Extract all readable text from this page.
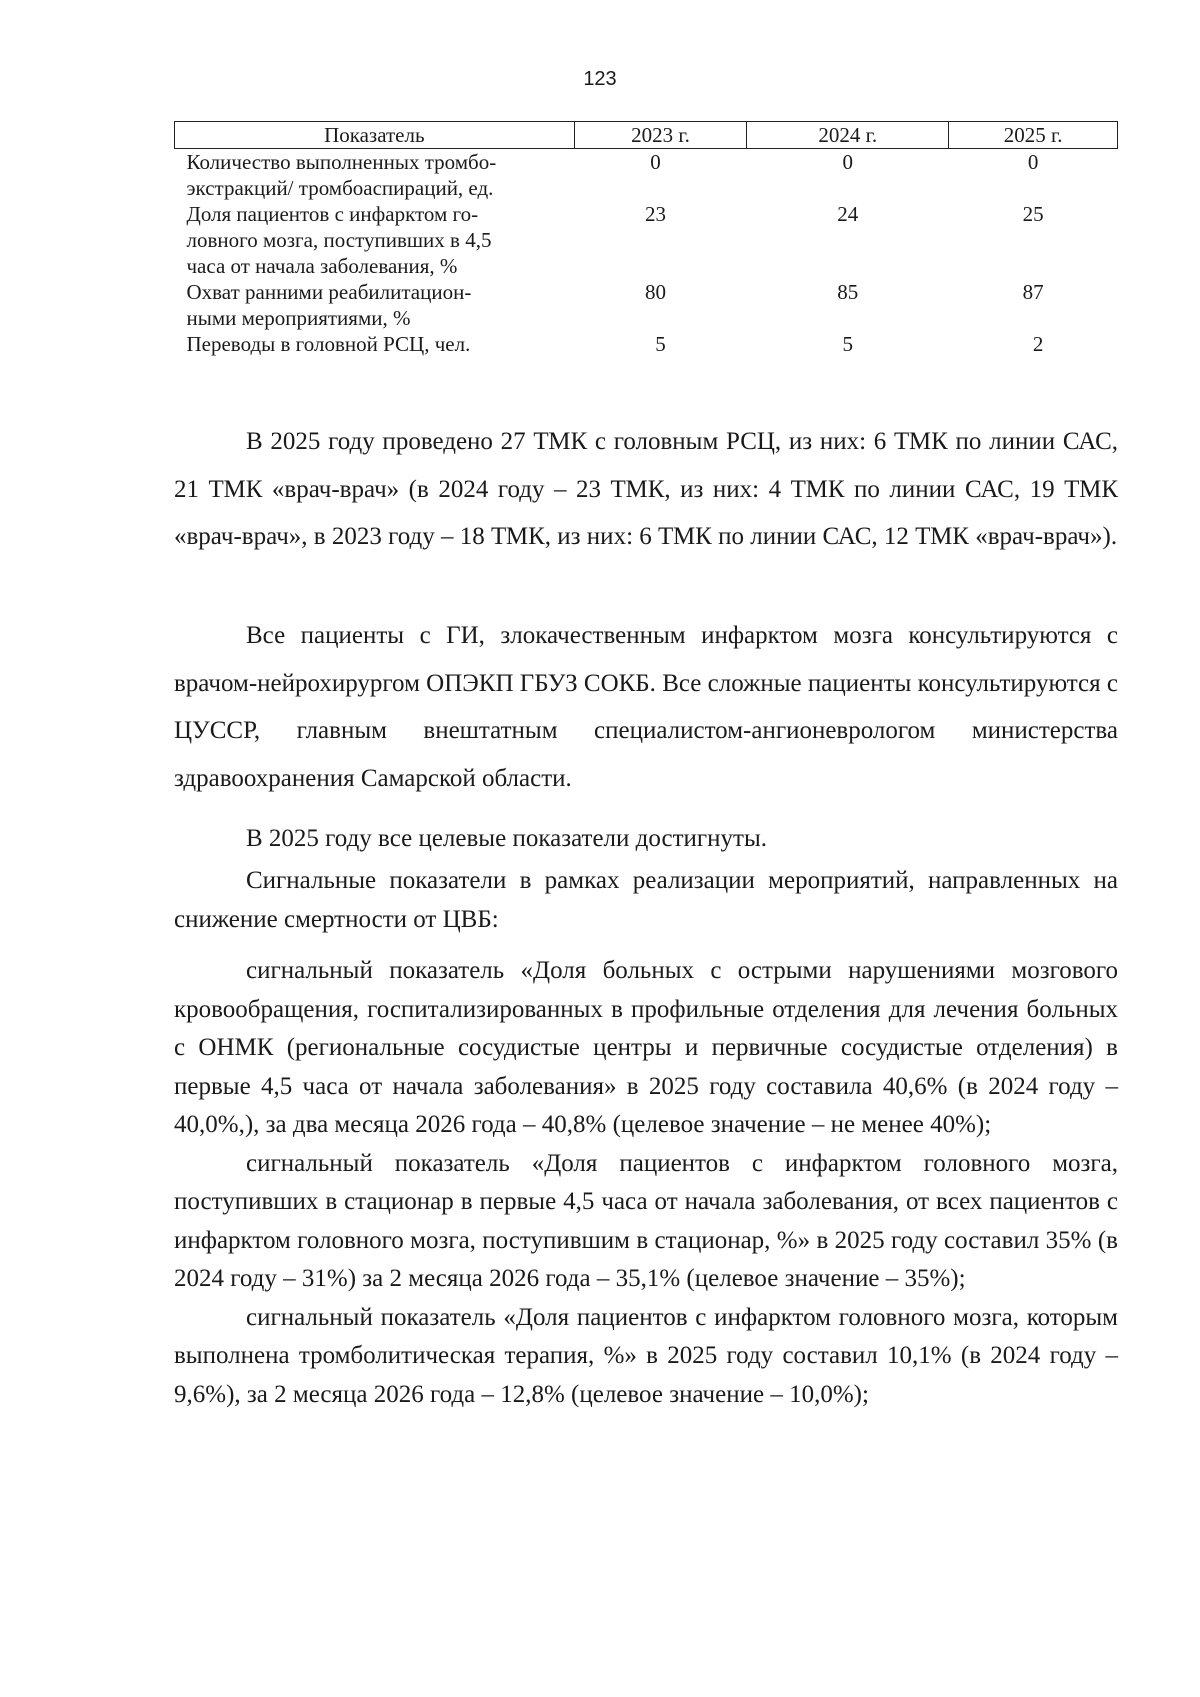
123
Показатель	2023 г.	2024 г.	2025 г.
Количество выполненных тромбо-
экстракций/ тромбоаспираций, ед.	0	0	0
Доля пациентов с инфарктом го-
ловного мозга, поступивших в 4,5
часа от начала заболевания, %	23	24	25
Охват ранними реабилитацион-
ными мероприятиями, %	80	85	87
Переводы в головной РСЦ, чел.	5	5	2

В 2025 году проведено 27 ТМК с головным РСЦ, из них: 6 ТМК по линии САС, 21 ТМК «врач-врач» (в 2024 году – 23 ТМК, из них: 4 ТМК по линии САС, 19 ТМК «врач-врач», в 2023 году – 18 ТМК, из них: 6 ТМК по линии САС, 12 ТМК «врач-врач»).

Все пациенты с ГИ, злокачественным инфарктом мозга консультируются с врачом-нейрохирургом ОПЭКП ГБУЗ СОКБ. Все сложные пациенты консультируются с ЦУССР, главным внештатным специалистом-ангионеврологом министерства здравоохранения Самарской области.

В 2025 году все целевые показатели достигнуты.

Сигнальные показатели в рамках реализации мероприятий, направленных на снижение смертности от ЦВБ:

сигнальный показатель «Доля больных с острыми нарушениями мозгового кровообращения, госпитализированных в профильные отделения для лечения больных с ОНМК (региональные сосудистые центры и первичные сосудистые отделения) в первые 4,5 часа от начала заболевания» в 2025 году составила 40,6% (в 2024 году – 40,0%,), за два месяца 2026 года – 40,8% (целевое значение – не менее 40%);

сигнальный показатель «Доля пациентов с инфарктом головного мозга, поступивших в стационар в первые 4,5 часа от начала заболевания, от всех пациентов с инфарктом головного мозга, поступившим в стационар, %» в 2025 году составил 35% (в 2024 году – 31%) за 2 месяца 2026 года – 35,1% (целевое значение – 35%);

сигнальный показатель «Доля пациентов с инфарктом головного мозга, которым выполнена тромболитическая терапия, %» в 2025 году составил 10,1% (в 2024 году – 9,6%), за 2 месяца 2026 года – 12,8% (целевое значение – 10,0%);
